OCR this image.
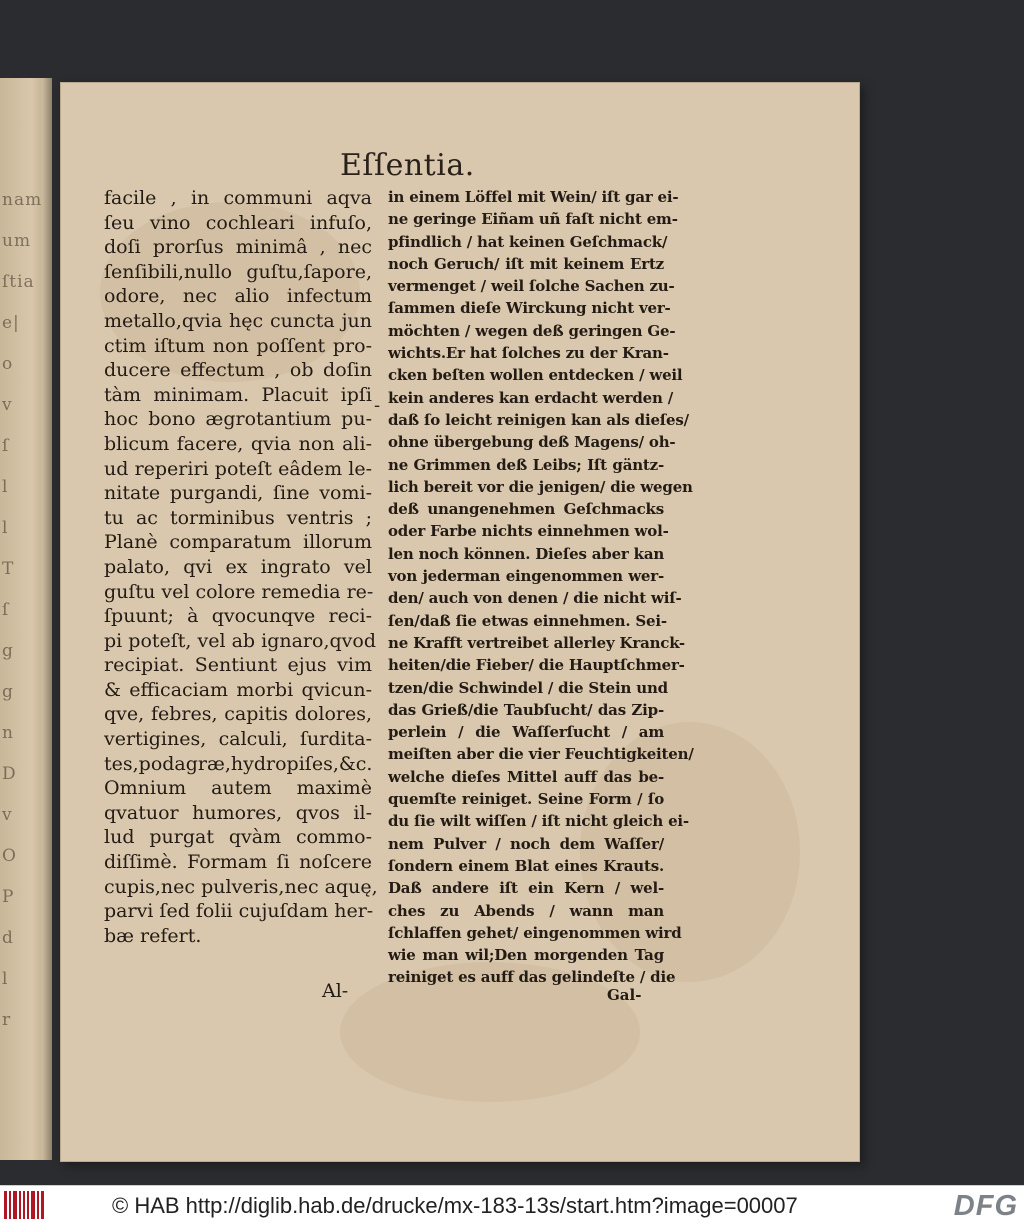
nam
um
ſtia
e|
o
v
ſ
l
l
T
ſ
g
g
n
D
v
O
P
d
l
r
Eſſentia.
-
facile , in communi aqva
ſeu vino cochleari infuſo,
doſi prorſus minimâ , nec
ſenſibili,nullo guſtu,ſapore,
odore, nec alio infectum
metallo,qvia hęc cuncta jun
ctim iſtum non poſſent pro-
ducere effectum , ob doſin
tàm minimam. Placuit ipſi
hoc bono ægrotantium pu-
blicum facere, qvia non ali-
ud reperiri poteſt eâdem le-
nitate purgandi, ſine vomi-
tu ac torminibus ventris ;
Planè comparatum illorum
palato, qvi ex ingrato vel
guſtu vel colore remedia re-
ſpuunt; à qvocunqve reci-
pi poteſt, vel ab ignaro,qvod
recipiat. Sentiunt ejus vim
& efficaciam morbi qvicun-
qve, febres, capitis dolores,
vertigines, calculi, ſurdita-
tes,podagræ,hydropiſes,&c.
Omnium autem maximè
qvatuor humores, qvos il-
lud purgat qvàm commo-
diſſimè. Formam ſi noſcere
cupis,nec pulveris,nec aquę,
parvi ſed folii cujuſdam her-
bæ refert.
Al-
in einem Löffel mit Wein/ iſt gar ei-
ne geringe Eiñam uñ faſt nicht em-
pfindlich / hat keinen Geſchmack/
noch Geruch/ iſt mit keinem Ertz
vermenget / weil ſolche Sachen zu-
ſammen dieſe Wirckung nicht ver-
möchten / wegen deß geringen Ge-
wichts.Er hat ſolches zu der Kran-
cken beſten wollen entdecken / weil
kein anderes kan erdacht werden /
daß ſo leicht reinigen kan als dieſes/
ohne übergebung deß Magens/ oh-
ne Grimmen deß Leibs; Iſt gäntz-
lich bereit vor die jenigen/ die wegen
deß unangenehmen Geſchmacks
oder Farbe nichts einnehmen wol-
len noch können. Dieſes aber kan
von jederman eingenommen wer-
den/ auch von denen / die nicht wiſ-
ſen/daß ſie etwas einnehmen. Sei-
ne Krafft vertreibet allerley Kranck-
heiten/die Fieber/ die Hauptſchmer-
tzen/die Schwindel / die Stein und
das Grieß/die Taubſucht/ das Zip-
perlein / die Waſſerſucht / am
meiſten aber die vier Feuchtigkeiten/
welche dieſes Mittel auff das be-
quemſte reiniget. Seine Form / ſo
du ſie wilt wiſſen / iſt nicht gleich ei-
nem Pulver / noch dem Waſſer/
ſondern einem Blat eines Krauts.
Daß andere iſt ein Kern / wel-
ches zu Abends / wann man
ſchlaffen gehet/ eingenommen wird
wie man wil;Den morgenden Tag
reiniget es auff das gelindeſte / die
Gal-
© HAB http://diglib.hab.de/drucke/mx-183-13s/start.htm?image=00007	DFG
